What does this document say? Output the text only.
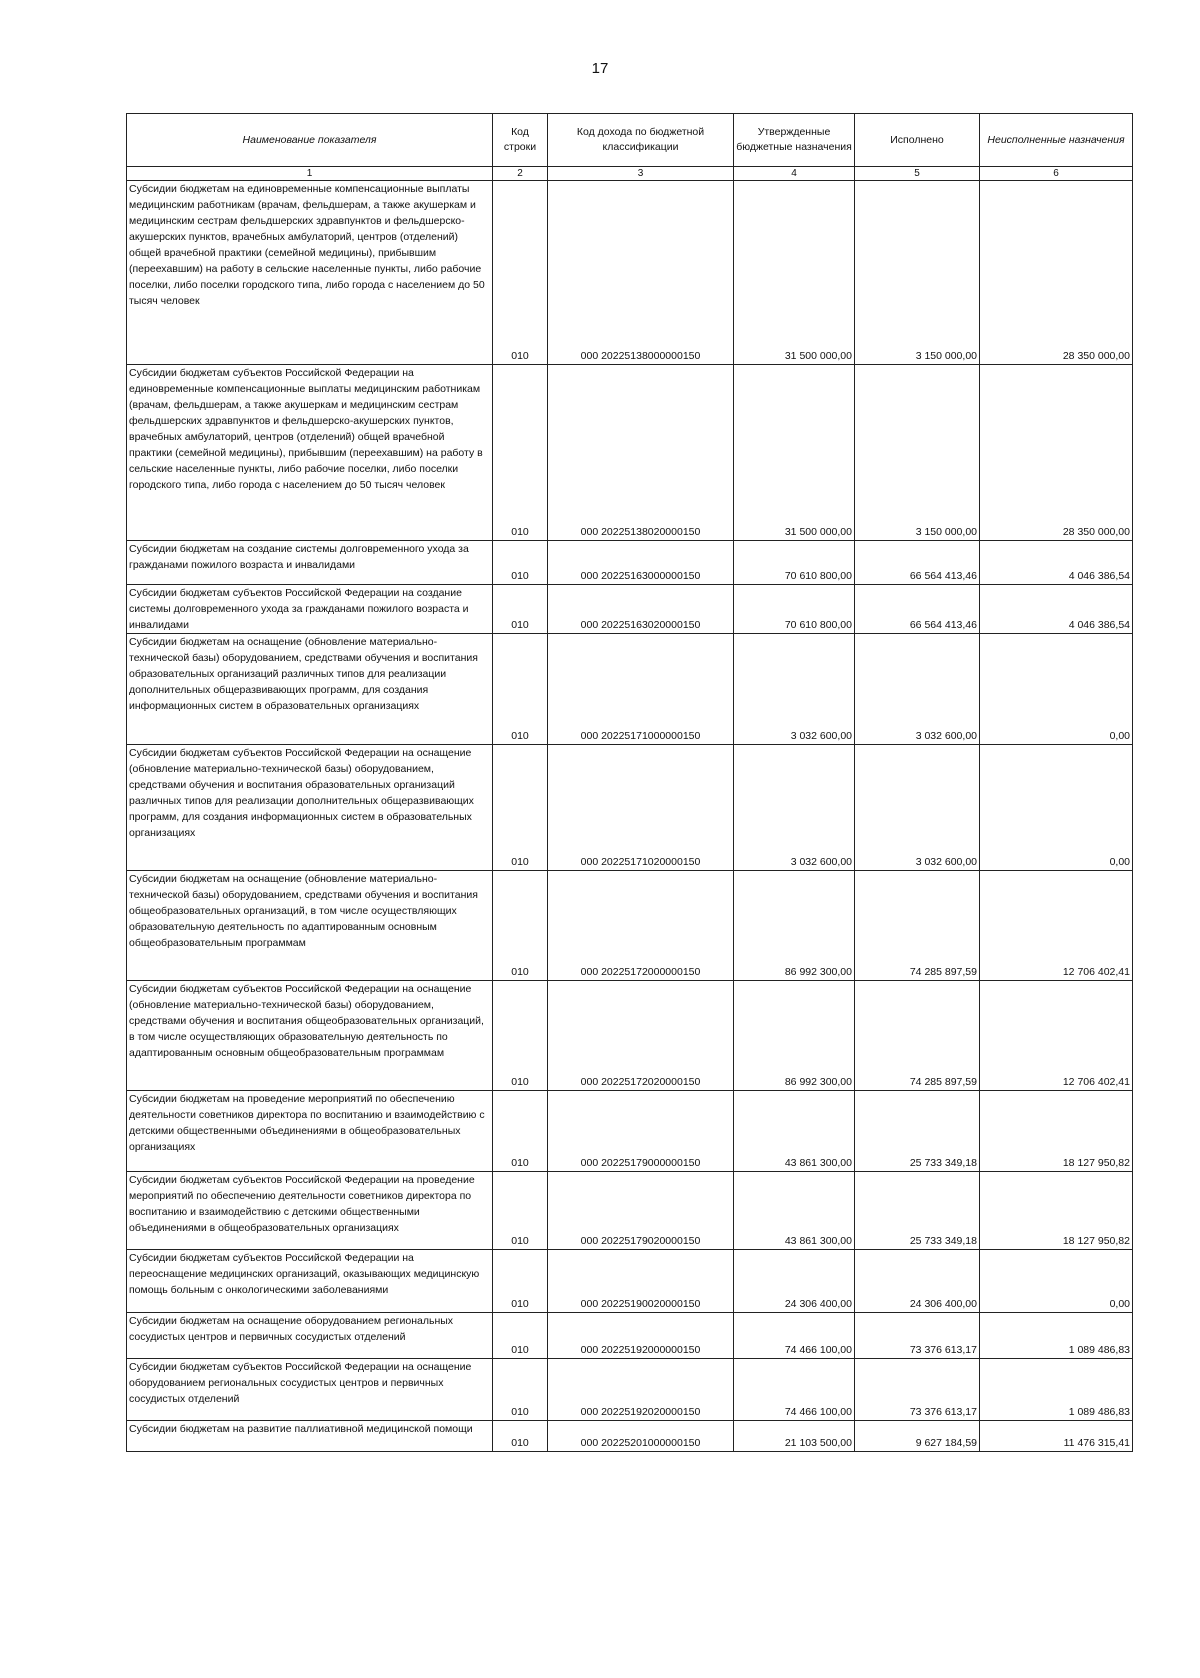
17
Наименование показателя	Код строки	Код дохода по бюджетной классификации	Утвержденные бюджетные назначения	Исполнено	Неисполненные назначения
1	2	3	4	5	6
Субсидии бюджетам на единовременные компенсационные выплаты медицинским работникам (врачам, фельдшерам, а также акушеркам и медицинским сестрам фельдшерских здравпунктов и фельдшерско-акушерских пунктов, врачебных амбулаторий, центров (отделений) общей врачебной практики (семейной медицины), прибывшим (переехавшим) на работу в сельские населенные пункты, либо рабочие поселки, либо поселки городского типа, либо города с населением до 50 тысяч человек	010	000 20225138000000150	31 500 000,00	3 150 000,00	28 350 000,00
Субсидии бюджетам субъектов Российской Федерации на единовременные компенсационные выплаты медицинским работникам (врачам, фельдшерам, а также акушеркам и медицинским сестрам фельдшерских здравпунктов и фельдшерско-акушерских пунктов, врачебных амбулаторий, центров (отделений) общей врачебной практики (семейной медицины), прибывшим (переехавшим) на работу в сельские населенные пункты, либо рабочие поселки, либо поселки городского типа, либо города с населением до 50 тысяч человек	010	000 20225138020000150	31 500 000,00	3 150 000,00	28 350 000,00
Субсидии бюджетам на создание системы долговременного ухода за гражданами пожилого возраста и инвалидами	010	000 20225163000000150	70 610 800,00	66 564 413,46	4 046 386,54
Субсидии бюджетам субъектов Российской Федерации на создание системы долговременного ухода за гражданами пожилого возраста и инвалидами	010	000 20225163020000150	70 610 800,00	66 564 413,46	4 046 386,54
Субсидии бюджетам на оснащение (обновление материально-технической базы) оборудованием, средствами обучения и воспитания образовательных организаций различных типов для реализации дополнительных общеразвивающих программ, для создания информационных систем в образовательных организациях	010	000 20225171000000150	3 032 600,00	3 032 600,00	0,00
Субсидии бюджетам субъектов Российской Федерации на оснащение (обновление материально-технической базы) оборудованием, средствами обучения и воспитания образовательных организаций различных типов для реализации дополнительных общеразвивающих программ, для создания информационных систем в образовательных организациях	010	000 20225171020000150	3 032 600,00	3 032 600,00	0,00
Субсидии бюджетам на оснащение (обновление материально-технической базы) оборудованием, средствами обучения и воспитания общеобразовательных организаций, в том числе осуществляющих образовательную деятельность по адаптированным основным общеобразовательным программам	010	000 20225172000000150	86 992 300,00	74 285 897,59	12 706 402,41
Субсидии бюджетам субъектов Российской Федерации на оснащение (обновление материально-технической базы) оборудованием, средствами обучения и воспитания общеобразовательных организаций, в том числе осуществляющих образовательную деятельность по адаптированным основным общеобразовательным программам	010	000 20225172020000150	86 992 300,00	74 285 897,59	12 706 402,41
Субсидии бюджетам на проведение мероприятий по обеспечению деятельности советников директора по воспитанию и взаимодействию с детскими общественными объединениями в общеобразовательных организациях	010	000 20225179000000150	43 861 300,00	25 733 349,18	18 127 950,82
Субсидии бюджетам субъектов Российской Федерации на проведение мероприятий по обеспечению деятельности советников директора по воспитанию и взаимодействию с детскими общественными объединениями в общеобразовательных организациях	010	000 20225179020000150	43 861 300,00	25 733 349,18	18 127 950,82
Субсидии бюджетам субъектов Российской Федерации на переоснащение медицинских организаций, оказывающих медицинскую помощь больным с онкологическими заболеваниями	010	000 20225190020000150	24 306 400,00	24 306 400,00	0,00
Субсидии бюджетам на оснащение оборудованием региональных сосудистых центров и первичных сосудистых отделений	010	000 20225192000000150	74 466 100,00	73 376 613,17	1 089 486,83
Субсидии бюджетам субъектов Российской Федерации на оснащение оборудованием региональных сосудистых центров и первичных сосудистых отделений	010	000 20225192020000150	74 466 100,00	73 376 613,17	1 089 486,83
Субсидии бюджетам на развитие паллиативной медицинской помощи	010	000 20225201000000150	21 103 500,00	9 627 184,59	11 476 315,41
